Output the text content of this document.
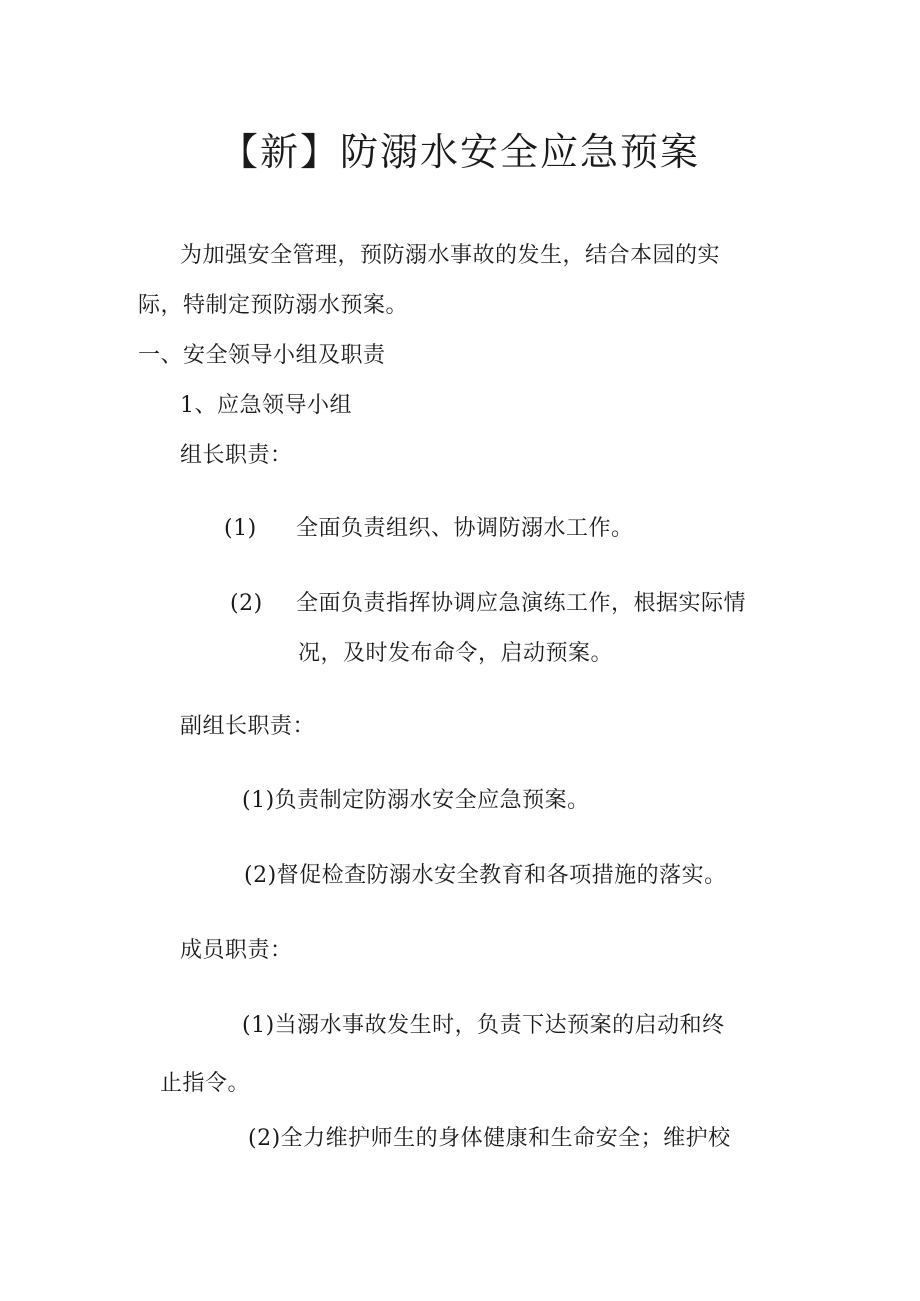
【新】防溺水安全应急预案
为加强安全管理，预防溺水事故的发生，结合本园的实
际，特制定预防溺水预案。
一、安全领导小组及职责
1、应急领导小组
组长职责：
(1) 全面负责组织、协调防溺水工作。
(2) 全面负责指挥协调应急演练工作，根据实际情
况，及时发布命令，启动预案。
副组长职责：
(1)负责制定防溺水安全应急预案。
(2)督促检查防溺水安全教育和各项措施的落实。
成员职责：
(1)当溺水事故发生时，负责下达预案的启动和终
止指令。
(2)全力维护师生的身体健康和生命安全；维护校
